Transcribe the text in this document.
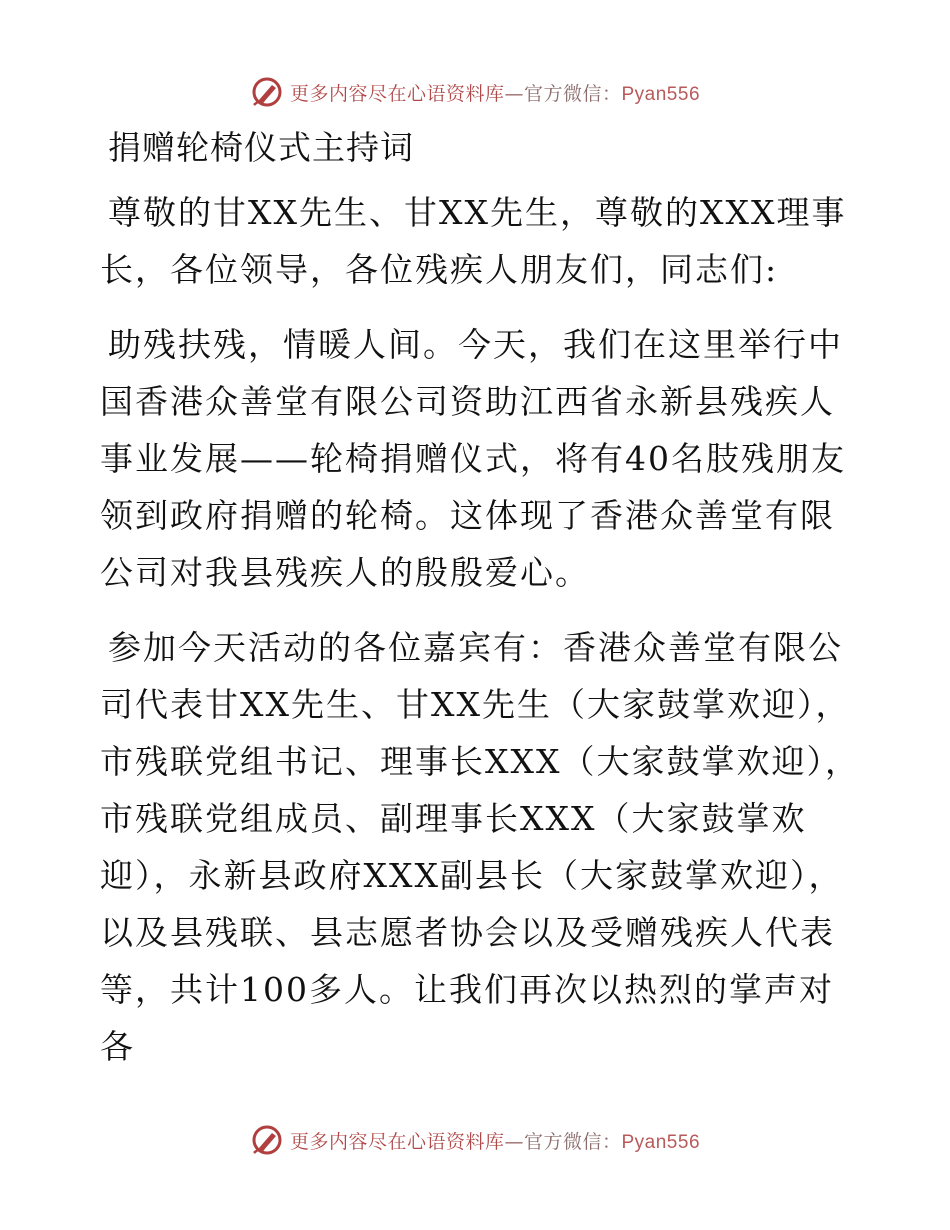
更多内容尽在心语资料库—官方微信：Pyan556
捐赠轮椅仪式主持词

尊敬的甘XX先生、甘XX先生，尊敬的XXX理事长，各位领导，各位残疾人朋友们，同志们:

助残扶残，情暖人间。今天，我们在这里举行中国香港众善堂有限公司资助江西省永新县残疾人事业发展——轮椅捐赠仪式，将有40名肢残朋友领到政府捐赠的轮椅。这体现了香港众善堂有限公司对我县残疾人的殷殷爱心。

参加今天活动的各位嘉宾有：香港众善堂有限公司代表甘XX先生、甘XX先生（大家鼓掌欢迎），市残联党组书记、理事长XXX（大家鼓掌欢迎），市残联党组成员、副理事长XXX（大家鼓掌欢迎），永新县政府XXX副县长（大家鼓掌欢迎），以及县残联、县志愿者协会以及受赠残疾人代表等，共计100多人。让我们再次以热烈的掌声对各

更多内容尽在心语资料库—官方微信：Pyan556
